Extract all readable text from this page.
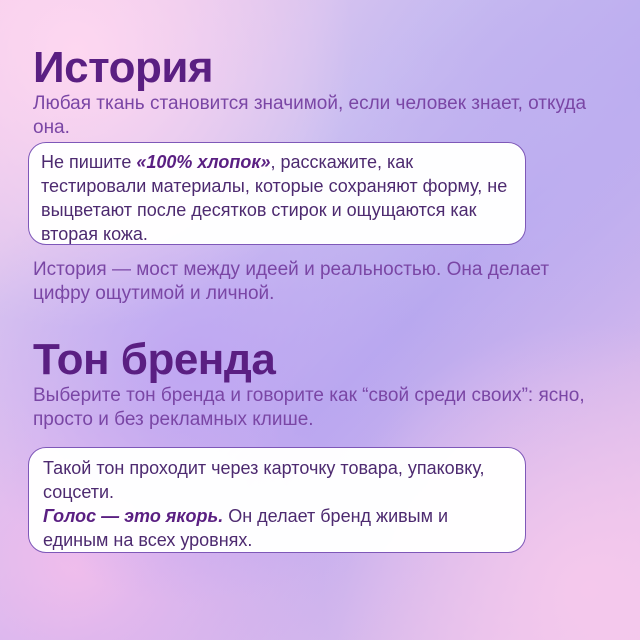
История

Любая ткань становится значимой, если человек знает, откуда она.

Не пишите «100% хлопок», расскажите, как тестировали материалы, которые сохраняют форму, не выцветают после десятков стирок и ощущаются как вторая кожа.

История — мост между идеей и реальностью. Она делает цифру ощутимой и личной.

Тон бренда

Выберите тон бренда и говорите как “свой среди своих”: ясно, просто и без рекламных клише.

Такой тон проходит через карточку товара, упаковку, соцсети.
Голос — это якорь. Он делает бренд живым и единым на всех уровнях.
